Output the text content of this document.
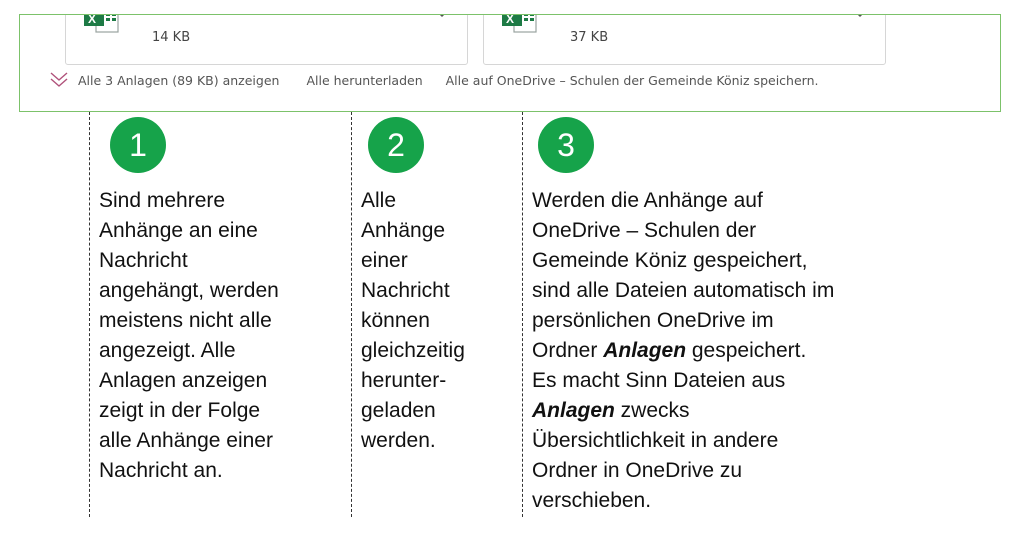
X
14 KB
X
37 KB
Alle 3 Anlagen (89 KB) anzeigen Alle herunterladen Alle auf OneDrive – Schulen der Gemeinde Köniz speichern.
1	2	3

Sind mehrere

Anhänge an eine

Nachricht

angehängt, werden

meistens nicht alle

angezeigt. Alle

Anlagen anzeigen

zeigt in der Folge

alle Anhänge einer

Nachricht an.

Alle

Anhänge

einer

Nachricht

können

gleichzeitig

herunter-

geladen

werden.

Werden die Anhänge auf

OneDrive – Schulen der

Gemeinde Köniz gespeichert,

sind alle Dateien automatisch im

persönlichen OneDrive im

Ordner Anlagen gespeichert.

Es macht Sinn Dateien aus

Anlagen zwecks

Übersichtlichkeit in andere

Ordner in OneDrive zu

verschieben.
